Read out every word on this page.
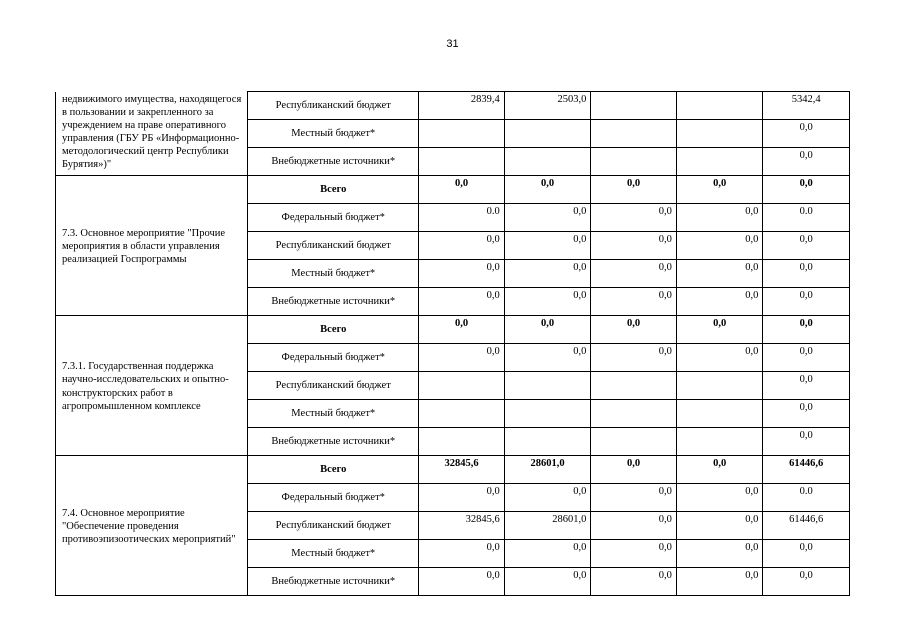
31
недвижимого имущества, находящегося в пользовании и закрепленного за учреждением на праве оперативного управления (ГБУ РБ «Информационно-методологический центр Республики Бурятия»)"	Республиканский бюджет	2839,4	2503,0			5342,4
	Местный бюджет*					0,0
	Внебюджетные источники*					0,0
7.3. Основное мероприятие "Прочие мероприятия в области управления реализацией Госпрограммы	Всего	0,0	0,0	0,0	0,0	0,0
	Федеральный бюджет*	0.0	0,0	0,0	0,0	0.0
	Республиканский бюджет	0,0	0,0	0,0	0,0	0,0
	Местный бюджет*	0,0	0,0	0,0	0,0	0,0
	Внебюджетные источники*	0,0	0,0	0,0	0,0	0,0
7.3.1. Государственная поддержка научно-исследовательских и опытно-конструкторских работ в агропромышленном комплексе	Всего	0,0	0,0	0,0	0,0	0,0
	Федеральный бюджет*	0,0	0,0	0,0	0,0	0,0
	Республиканский бюджет					0,0
	Местный бюджет*					0,0
	Внебюджетные источники*					0,0
7.4. Основное мероприятие "Обеспечение проведения противоэпизоотических мероприятий"	Всего	32845,6	28601,0	0,0	0,0	61446,6
	Федеральный бюджет*	0,0	0,0	0,0	0,0	0.0
	Республиканский бюджет	32845,6	28601,0	0,0	0,0	61446,6
	Местный бюджет*	0,0	0,0	0,0	0,0	0,0
	Внебюджетные источники*	0,0	0,0	0,0	0,0	0,0
